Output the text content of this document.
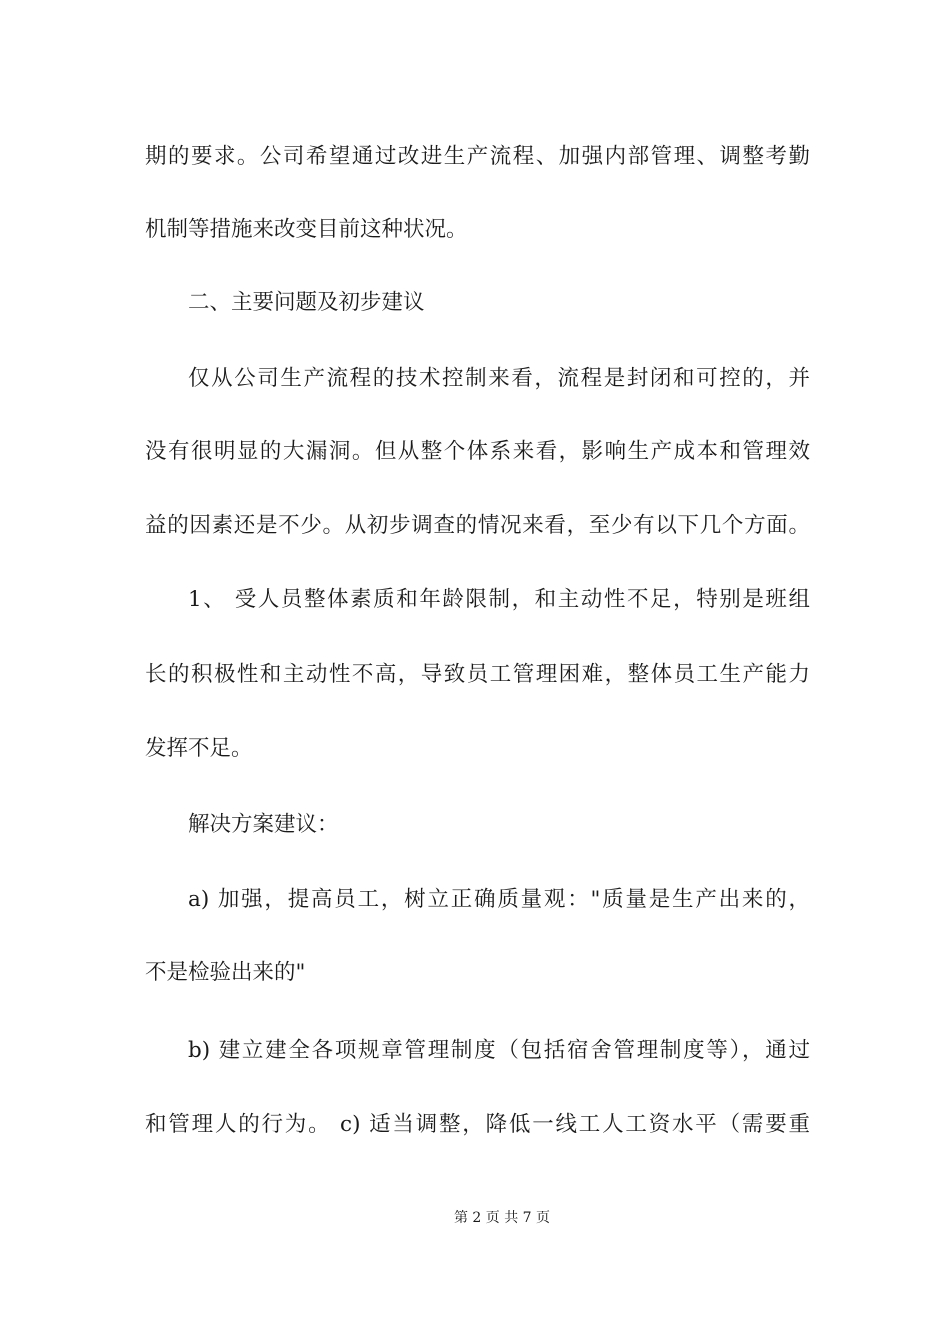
期的要求。公司希望通过改进生产流程、加强内部管理、调整考勤
机制等措施来改变目前这种状况。
二、主要问题及初步建议
仅从公司生产流程的技术控制来看，流程是封闭和可控的，并
没有很明显的大漏洞。但从整个体系来看，影响生产成本和管理效
益的因素还是不少。从初步调查的情况来看，至少有以下几个方面。
1、 受人员整体素质和年龄限制，和主动性不足，特别是班组
长的积极性和主动性不高，导致员工管理困难，整体员工生产能力
发挥不足。
解决方案建议：
a) 加强，提高员工，树立正确质量观："质量是生产出来的，
不是检验出来的"
b) 建立建全各项规章管理制度（包括宿舍管理制度等），通过
和管理人的行为。 c) 适当调整，降低一线工人工资水平（需要重
第 2 页 共 7 页
